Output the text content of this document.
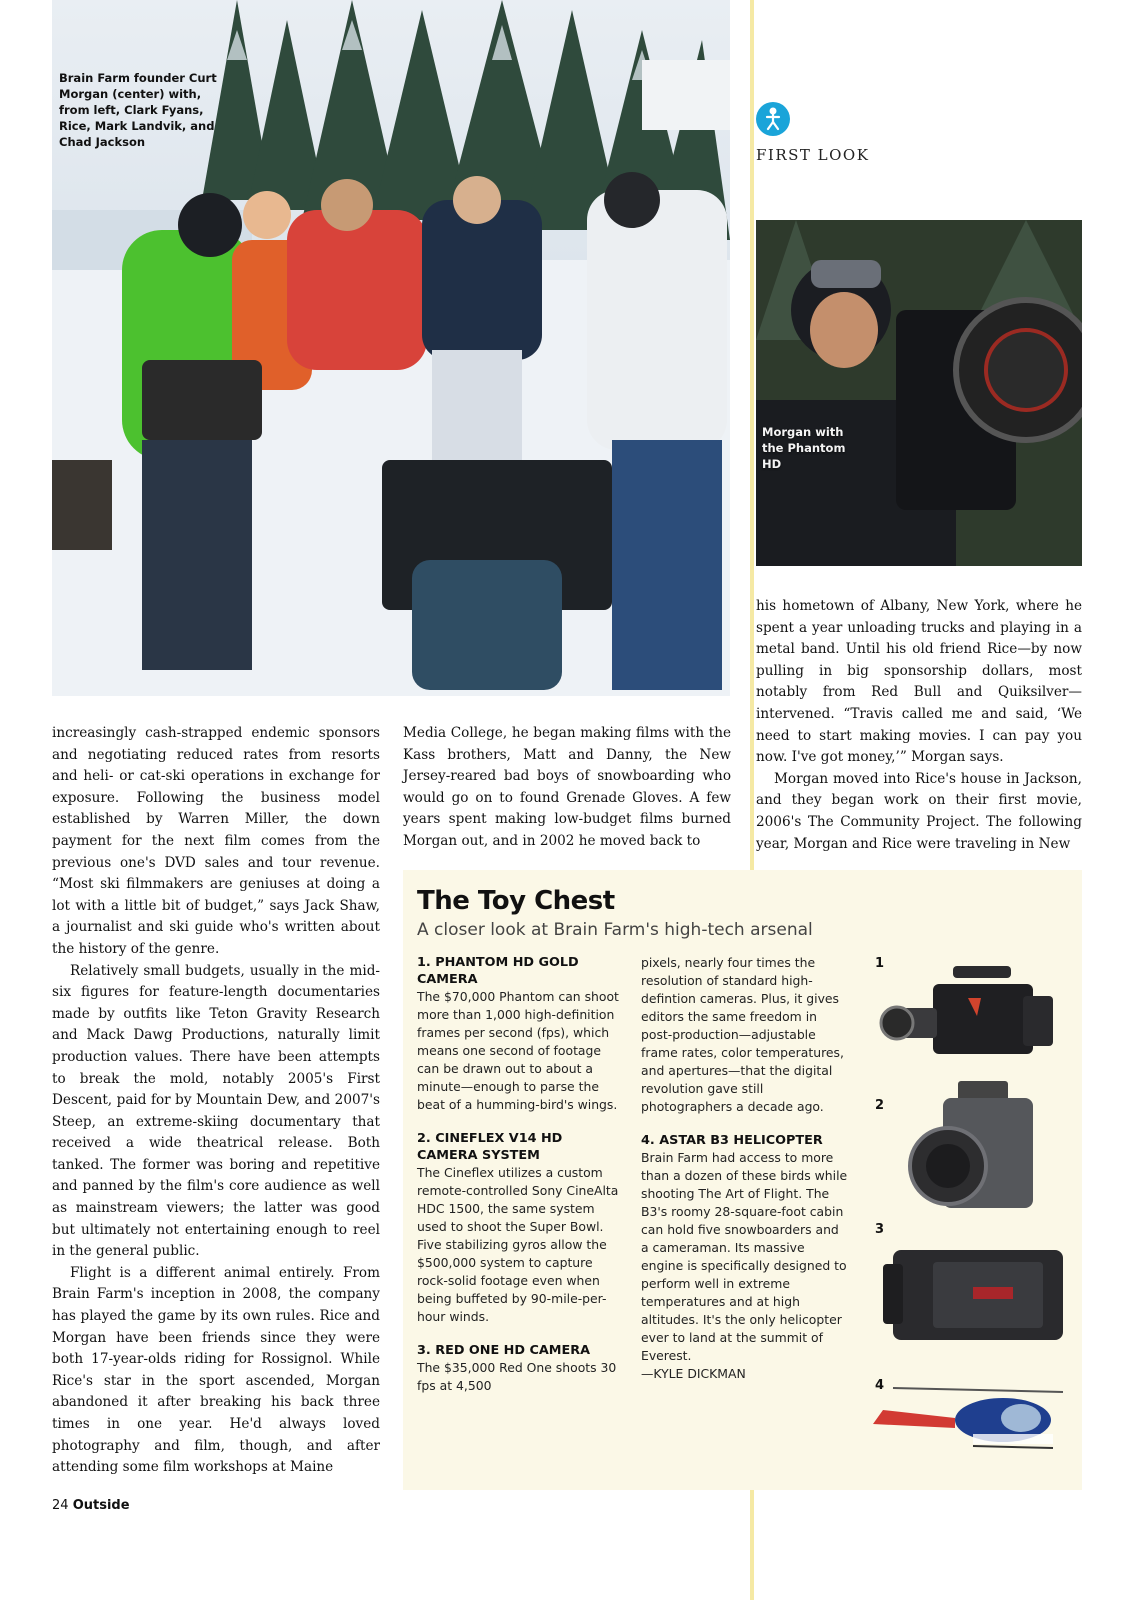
Brain Farm founder Curt Morgan (center) with, from left, Clark Fyans, Rice, Mark Landvik, and Chad Jackson
FIRST LOOK
Morgan with the Phantom HD

increasingly cash-strapped endemic sponsors and negotiating reduced rates from resorts and heli- or cat-ski operations in exchange for exposure. Following the business model established by Warren Miller, the down payment for the next film comes from the previous one's DVD sales and tour revenue. “Most ski filmmakers are geniuses at doing a lot with a little bit of budget,” says Jack Shaw, a journalist and ski guide who's written about the history of the genre.

Relatively small budgets, usually in the mid-six figures for feature-length documentaries made by outfits like Teton Gravity Research and Mack Dawg Productions, naturally limit production values. There have been attempts to break the mold, notably 2005's First Descent, paid for by Mountain Dew, and 2007's Steep, an extreme-skiing documentary that received a wide theatrical release. Both tanked. The former was boring and repetitive and panned by the film's core audience as well as mainstream viewers; the latter was good but ultimately not entertaining enough to reel in the general public.

Flight is a different animal entirely. From Brain Farm's inception in 2008, the company has played the game by its own rules. Rice and Morgan have been friends since they were both 17-year-olds riding for Rossignol. While Rice's star in the sport ascended, Morgan abandoned it after breaking his back three times in one year. He'd always loved photography and film, though, and after attending some film workshops at Maine

Media College, he began making films with the Kass brothers, Matt and Danny, the New Jersey-reared bad boys of snowboarding who would go on to found Grenade Gloves. A few years spent making low-budget films burned Morgan out, and in 2002 he moved back to

his hometown of Albany, New York, where he spent a year unloading trucks and playing in a metal band. Until his old friend Rice—by now pulling in big sponsorship dollars, most notably from Red Bull and Quiksilver—intervened. “Travis called me and said, ‘We need to start making movies. I can pay you now. I've got money,’” Morgan says.

Morgan moved into Rice's house in Jackson, and they began work on their first movie, 2006's The Community Project. The following year, Morgan and Rice were traveling in New

The Toy Chest
A closer look at Brain Farm's high-tech arsenal
1. PHANTOM HD GOLD CAMERA
The $70,000 Phantom can shoot more than 1,000 high-definition frames per second (fps), which means one second of footage can be drawn out to about a minute—enough to parse the beat of a humming-bird's wings.
2. CINEFLEX V14 HD CAMERA SYSTEM
The Cineflex utilizes a custom remote-controlled Sony CineAlta HDC 1500, the same system used to shoot the Super Bowl. Five stabilizing gyros allow the $500,000 system to capture rock-solid footage even when being buffeted by 90-mile-per-hour winds.
3. RED ONE HD CAMERA
The $35,000 Red One shoots 30 fps at 4,500
pixels, nearly four times the resolution of standard high-defintion cameras. Plus, it gives editors the same freedom in post-production—adjustable frame rates, color temperatures, and apertures—that the digital revolution gave still photographers a decade ago.
4. ASTAR B3 HELICOPTER
Brain Farm had access to more than a dozen of these birds while shooting The Art of Flight. The B3's roomy 28-square-foot cabin can hold five snowboarders and a cameraman. Its massive engine is specifically designed to perform well in extreme temperatures and at high altitudes. It's the only helicopter ever to land at the summit of Everest.
—KYLE DICKMAN
1
2
3
4
24 Outside
